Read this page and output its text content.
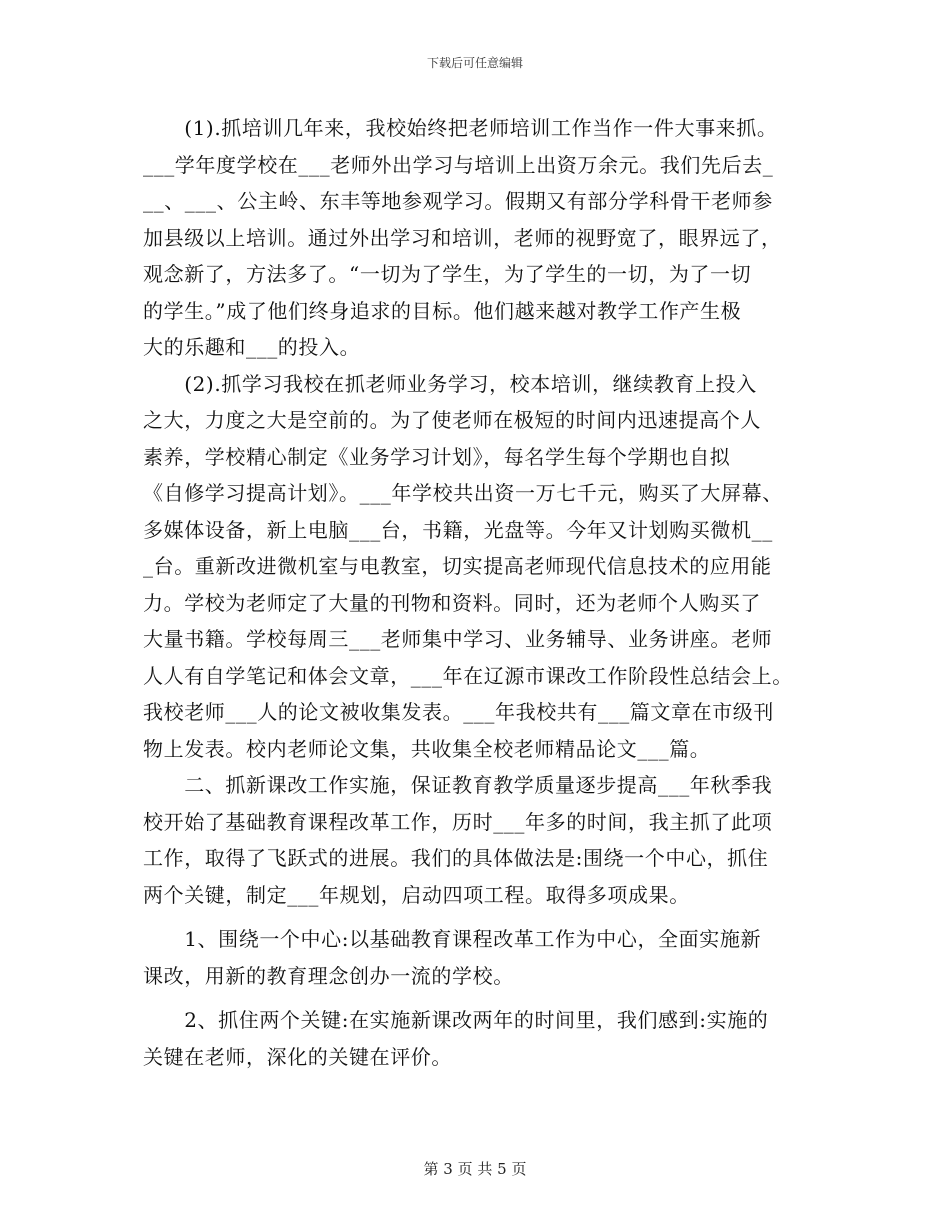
下载后可任意编辑
　　(1).抓培训几年来，我校始终把老师培训工作当作一件大事来抓。
___学年度学校在___老师外出学习与培训上出资万余元。我们先后去_
__、___、公主岭、东丰等地参观学习。假期又有部分学科骨干老师参
加县级以上培训。通过外出学习和培训，老师的视野宽了，眼界远了，
观念新了，方法多了。“一切为了学生，为了学生的一切，为了一切
的学生。”成了他们终身追求的目标。他们越来越对教学工作产生极
大的乐趣和___的投入。
　　(2).抓学习我校在抓老师业务学习，校本培训，继续教育上投入
之大，力度之大是空前的。为了使老师在极短的时间内迅速提高个人
素养，学校精心制定《业务学习计划》，每名学生每个学期也自拟
《自修学习提高计划》。___年学校共出资一万七千元，购买了大屏幕、
多媒体设备，新上电脑___台，书籍，光盘等。今年又计划购买微机__
_台。重新改进微机室与电教室，切实提高老师现代信息技术的应用能
力。学校为老师定了大量的刊物和资料。同时，还为老师个人购买了
大量书籍。学校每周三___老师集中学习、业务辅导、业务讲座。老师
人人有自学笔记和体会文章，___年在辽源市课改工作阶段性总结会上。
我校老师___人的论文被收集发表。___年我校共有___篇文章在市级刊
物上发表。校内老师论文集，共收集全校老师精品论文___篇。
　　二、抓新课改工作实施，保证教育教学质量逐步提高___年秋季我
校开始了基础教育课程改革工作，历时___年多的时间，我主抓了此项
工作，取得了飞跃式的进展。我们的具体做法是:围绕一个中心，抓住
两个关键，制定___年规划，启动四项工程。取得多项成果。
　　1、围绕一个中心:以基础教育课程改革工作为中心，全面实施新
课改，用新的教育理念创办一流的学校。
　　2、抓住两个关键:在实施新课改两年的时间里，我们感到:实施的
关键在老师，深化的关键在评价。
第 3 页 共 5 页
